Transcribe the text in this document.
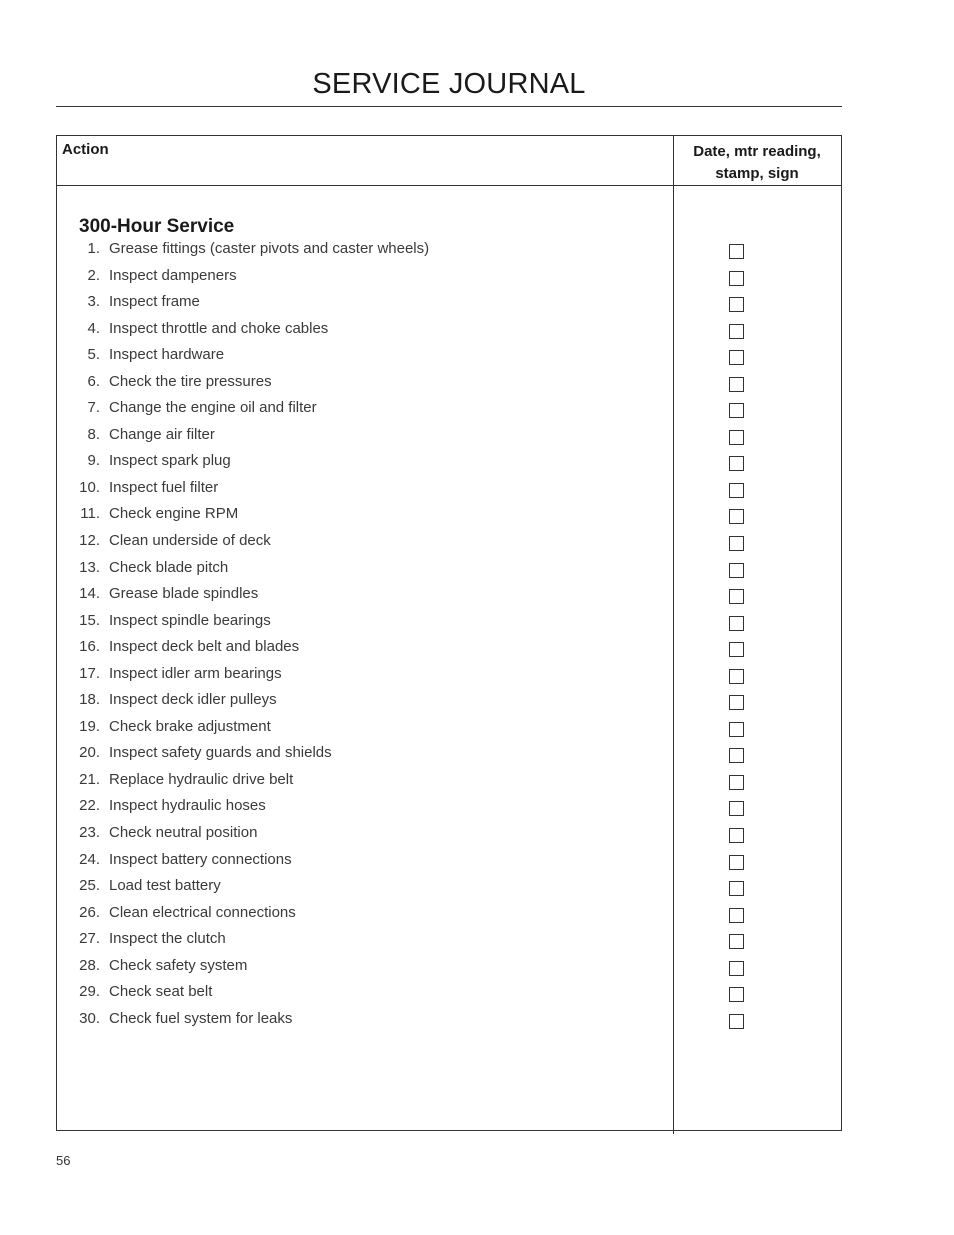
SERVICE JOURNAL
Action	Date, mtr reading,
stamp, sign
300-Hour Service
1. Grease fittings (caster pivots and caster wheels)
2. Inspect dampeners
3. Inspect frame
4. Inspect throttle and choke cables
5. Inspect hardware
6. Check the tire pressures
7. Change the engine oil and filter
8. Change air filter
9. Inspect spark plug
10. Inspect fuel filter
11. Check engine RPM
12. Clean underside of deck
13. Check blade pitch
14. Grease blade spindles
15. Inspect spindle bearings
16. Inspect deck belt and blades
17. Inspect idler arm bearings
18. Inspect deck idler pulleys
19. Check brake adjustment
20. Inspect safety guards and shields
21. Replace hydraulic drive belt
22. Inspect hydraulic hoses
23. Check neutral position
24. Inspect battery connections
25. Load test battery
26. Clean electrical connections
27. Inspect the clutch
28. Check safety system
29. Check seat belt
30. Check fuel system for leaks
56
